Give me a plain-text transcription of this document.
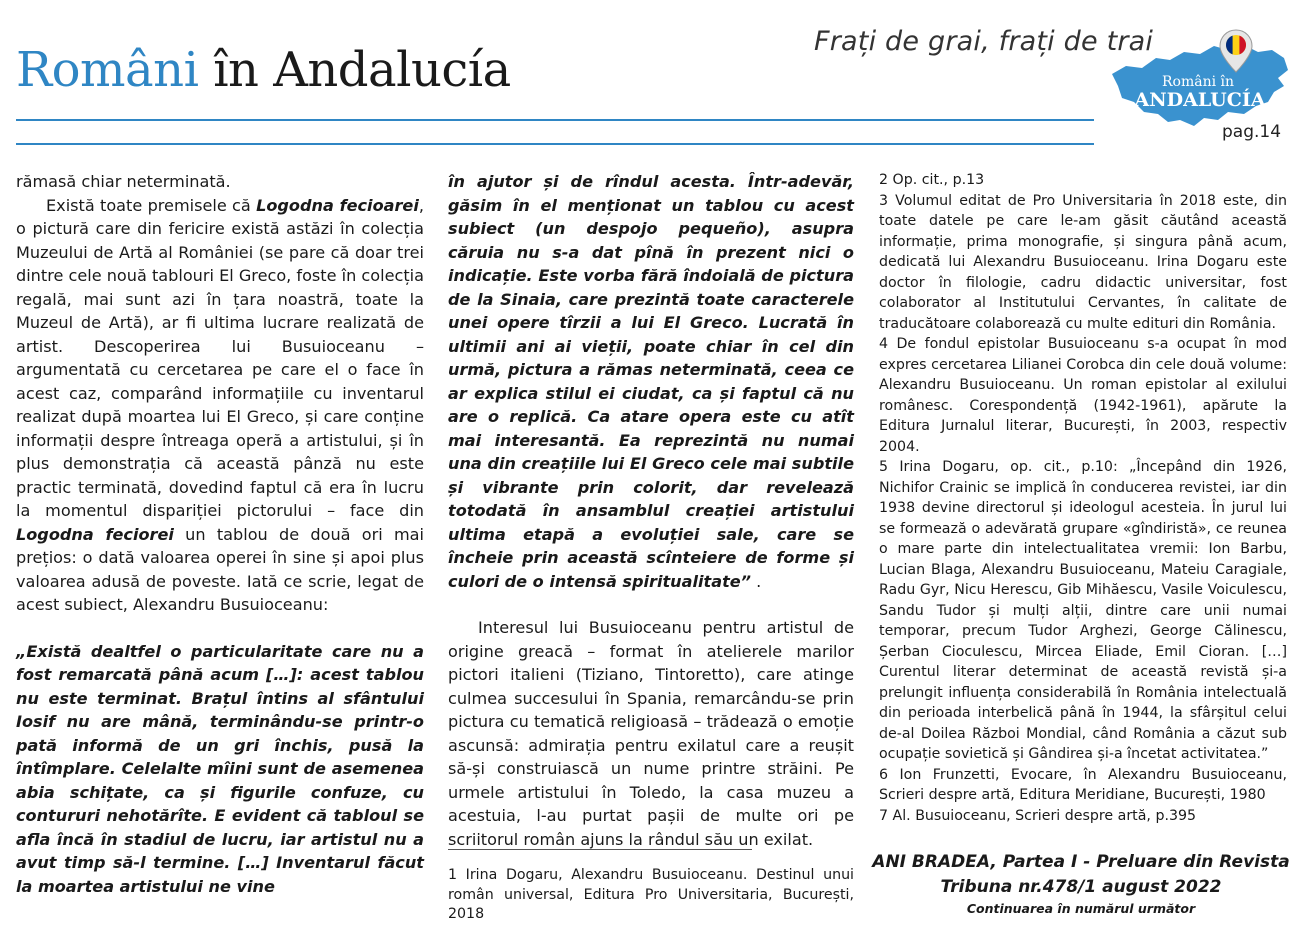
Români în Andalucía
Frați de grai, frați de trai
Români în
ANDALUCÍA
pag.14

rămasă chiar neterminată.

Există toate premisele că Logodna fecioarei, o pictură care din fericire există astăzi în colecția Muzeului de Artă al României (se pare că doar trei dintre cele nouă tablouri El Greco, foste în colecția regală, mai sunt azi în țara noastră, toate la Muzeul de Artă), ar fi ultima lucrare realizată de artist. Descoperirea lui Busuioceanu – argumentată cu cercetarea pe care el o face în acest caz, comparând informațiile cu inventarul realizat după moartea lui El Greco, și care conține informații despre întreaga operă a artistului, și în plus demonstrația că această pânză nu este practic terminată, dovedind faptul că era în lucru la momentul dispariției pictorului – face din Logodna feciorei un tablou de două ori mai prețios: o dată valoarea operei în sine și apoi plus valoarea adusă de poveste. Iată ce scrie, legat de acest subiect, Alexandru Busuioceanu:

„Există dealtfel o particularitate care nu a fost remarcată până acum […]: acest tablou nu este terminat. Brațul întins al sfântului Iosif nu are mână, terminându-se printr-o pată informă de un gri închis, pusă la întîmplare. Celelalte mîini sunt de asemenea abia schițate, ca și figurile confuze, cu contururi nehotărîte. E evident că tabloul se afla încă în stadiul de lucru, iar artistul nu a avut timp să-l termine. […] Inventarul făcut la moartea artistului ne vine

în ajutor și de rîndul acesta. Într-adevăr, găsim în el menționat un tablou cu acest subiect (un despojo pequeño), asupra căruia nu s-a dat pînă în prezent nici o indicație. Este vorba fără îndoială de pictura de la Sinaia, care prezintă toate caracterele unei opere tîrzii a lui El Greco. Lucrată în ultimii ani ai vieții, poate chiar în cel din urmă, pictura a rămas neterminată, ceea ce ar explica stilul ei ciudat, ca și faptul că nu are o replică. Ca atare opera este cu atît mai interesantă. Ea reprezintă nu numai una din creațiile lui El Greco cele mai subtile și vibrante prin colorit, dar revelează totodată în ansamblul creației artistului ultima etapă a evoluției sale, care se încheie prin această scînteiere de forme și culori de o intensă spiritualitate” .

Interesul lui Busuioceanu pentru artistul de origine greacă – format în atelierele marilor pictori italieni (Tiziano, Tintoretto), care atinge culmea succesului în Spania, remarcându-se prin pictura cu tematică religioasă – trădează o emoție ascunsă: admirația pentru exilatul care a reușit să-și construiască un nume printre străini. Pe urmele artistului în Toledo, la casa muzeu a acestuia, l-au purtat pașii de multe ori pe scriitorul român ajuns la rândul său un exilat.

1 Irina Dogaru, Alexandru Busuioceanu. Destinul unui român universal, Editura Pro Universitaria, București, 2018

2 Op. cit., p.13

3 Volumul editat de Pro Universitaria în 2018 este, din toate datele pe care le-am găsit căutând această informație, prima monografie, și singura până acum, dedicată lui Alexandru Busuioceanu. Irina Dogaru este doctor în filologie, cadru didactic universitar, fost colaborator al Institutului Cervantes, în calitate de traducătoare colaborează cu multe edituri din România.

4 De fondul epistolar Busuioceanu s-a ocupat în mod expres cercetarea Lilianei Corobca din cele două volume: Alexandru Busuioceanu. Un roman epistolar al exilului românesc. Corespondență (1942-1961), apărute la Editura Jurnalul literar, București, în 2003, respectiv 2004.

5 Irina Dogaru, op. cit., p.10: „Începând din 1926, Nichifor Crainic se implică în conducerea revistei, iar din 1938 devine directorul și ideologul acesteia. În jurul lui se formează o adevărată grupare «gîndiristă», ce reunea o mare parte din intelectualitatea vremii: Ion Barbu, Lucian Blaga, Alexandru Busuioceanu, Mateiu Caragiale, Radu Gyr, Nicu Herescu, Gib Mihăescu, Vasile Voiculescu, Sandu Tudor și mulți alții, dintre care unii numai temporar, precum Tudor Arghezi, George Călinescu, Șerban Cioculescu, Mircea Eliade, Emil Cioran. […] Curentul literar determinat de această revistă și-a prelungit influența considerabilă în România intelectuală din perioada interbelică până în 1944, la sfârșitul celui de-al Doilea Război Mondial, când România a căzut sub ocupație sovietică și Gândirea și-a încetat activitatea.”

6 Ion Frunzetti, Evocare, în Alexandru Busuioceanu, Scrieri despre artă, Editura Meridiane, București, 1980

7 Al. Busuioceanu, Scrieri despre artă, p.395

ANI BRADEA, Partea I - Preluare din Revista
Tribuna nr.478/1 august 2022
Continuarea în numărul următor
